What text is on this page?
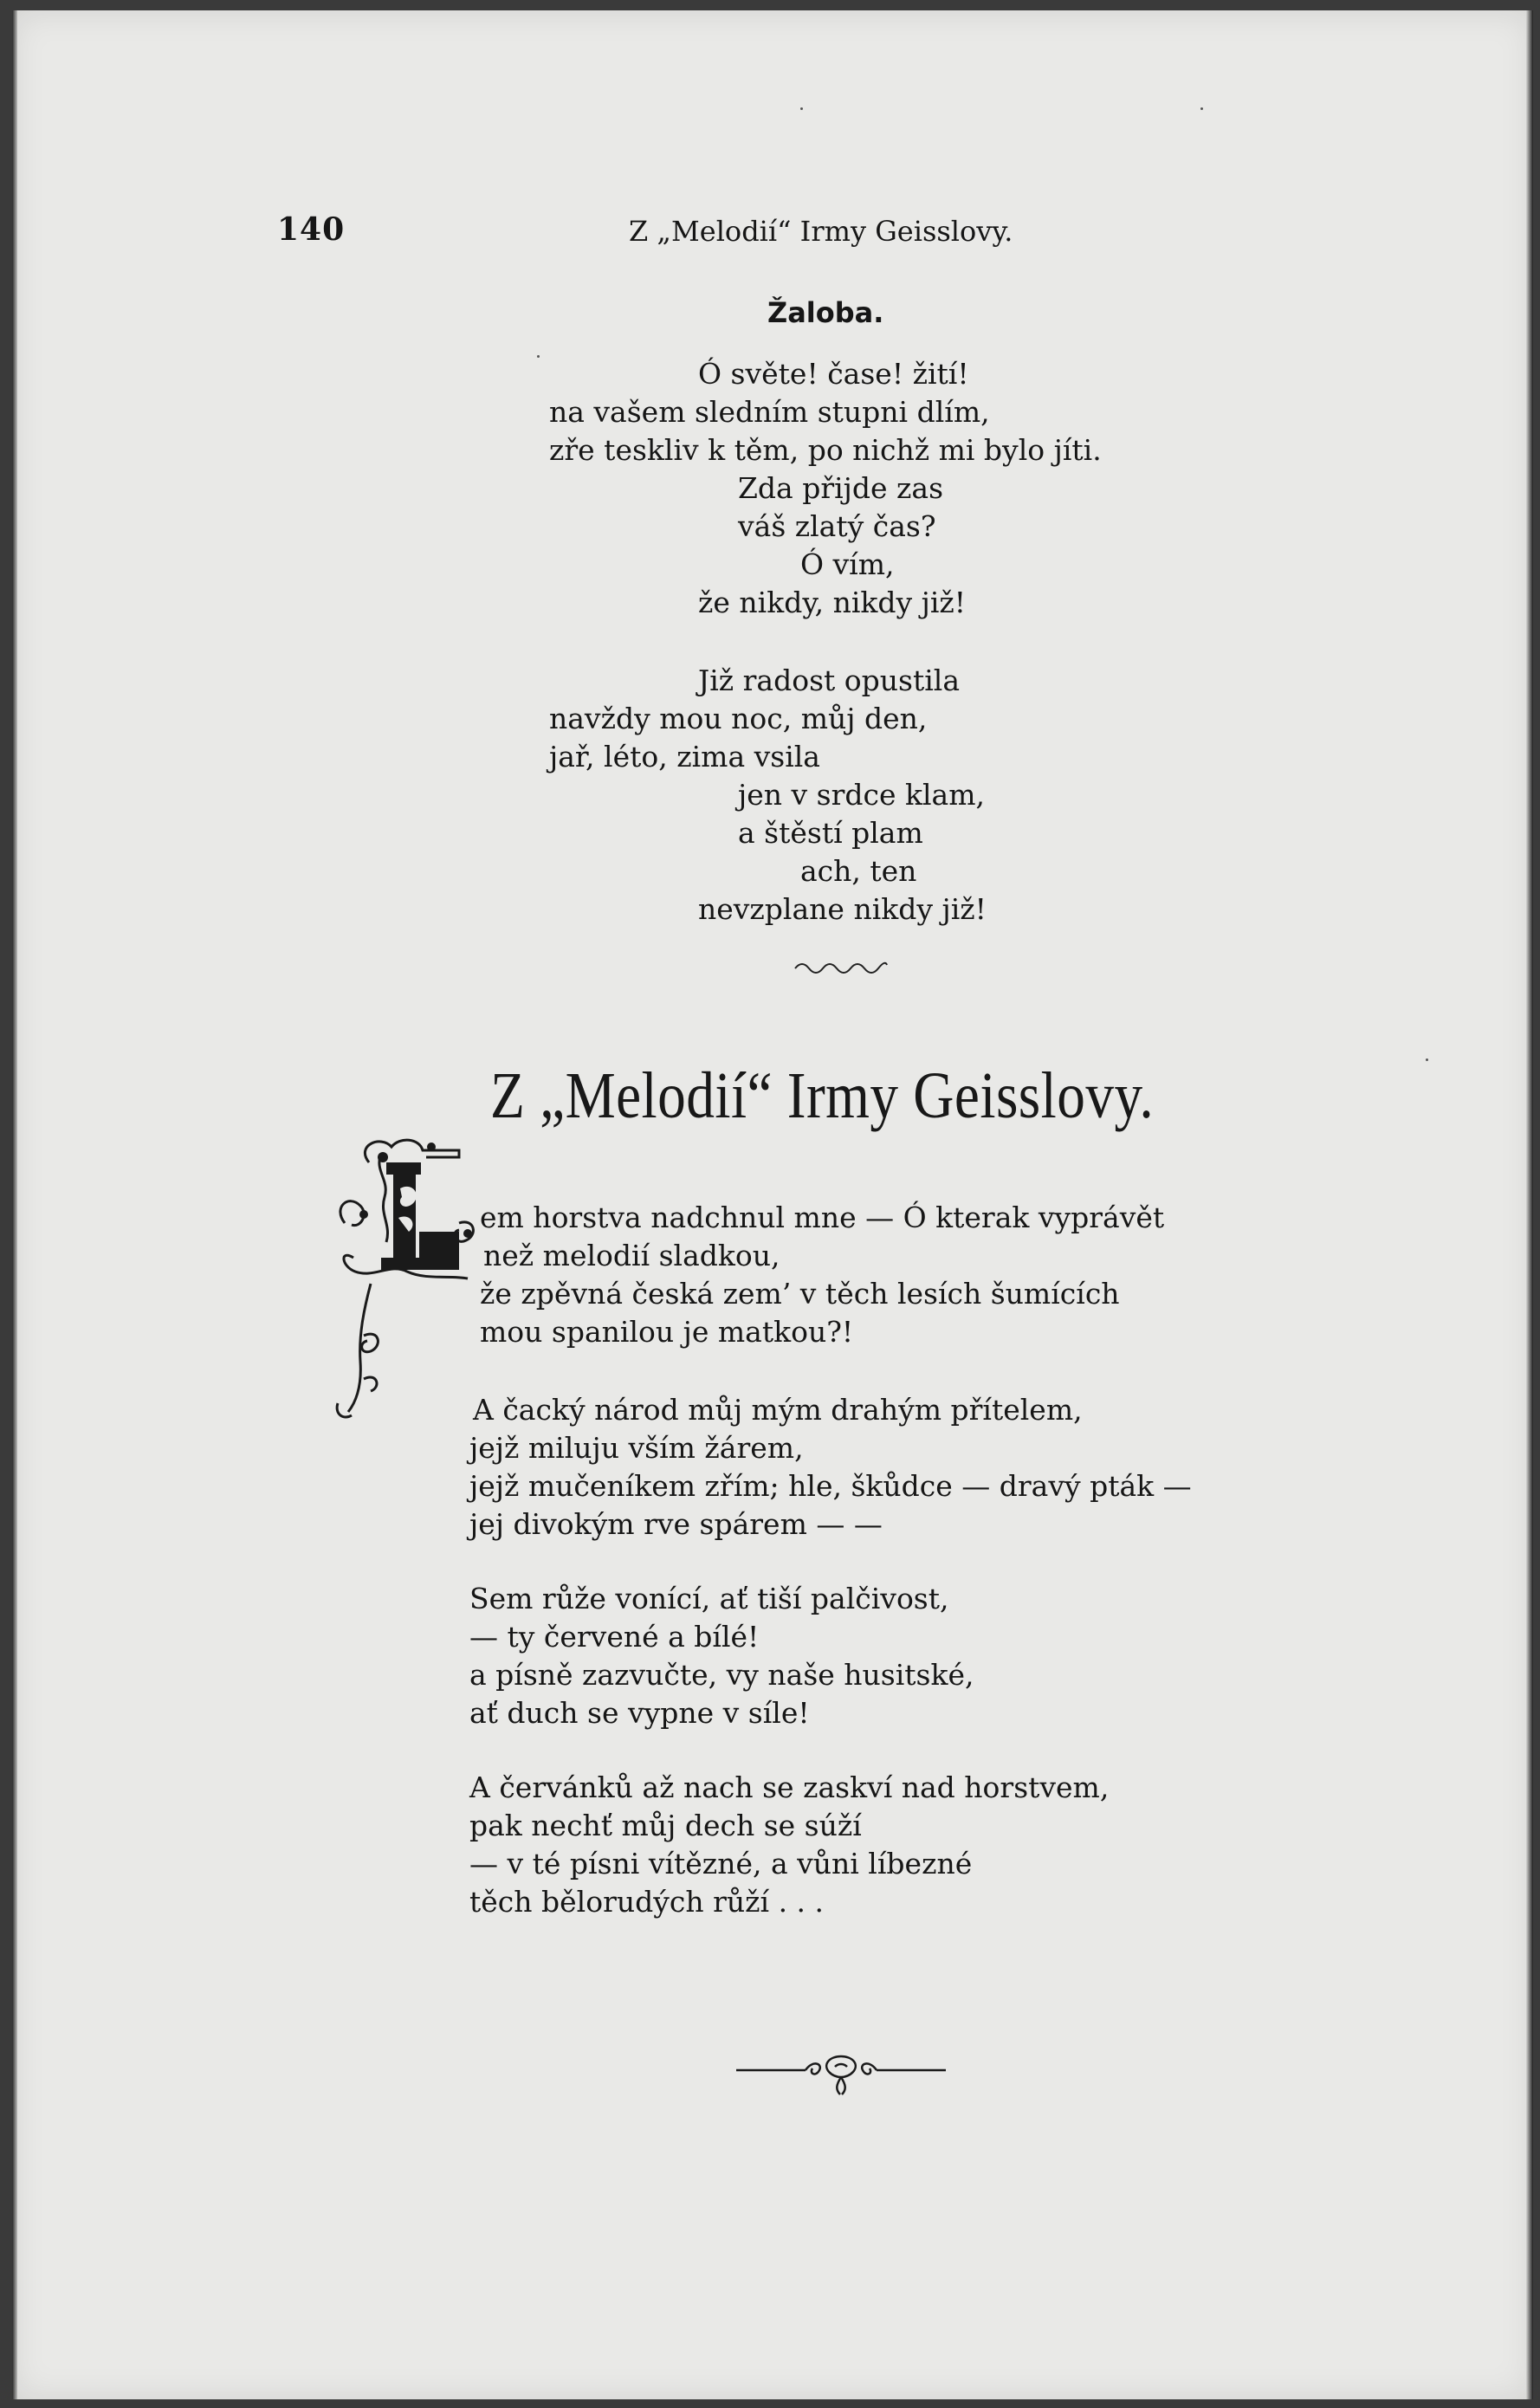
140	Z „Melodií“ Irmy Geisslovy.
Žaloba.

Ó světe! čase! žití!

na vašem sledním stupni dlím,

zře teskliv k těm, po nichž mi bylo jíti.

Zda přijde zas

váš zlatý čas?

Ó vím,

že nikdy, nikdy již!

Již radost opustila

navždy mou noc, můj den,

jař, léto, zima vsila

jen v srdce klam,

a štěstí plam

ach, ten

nevzplane nikdy již!

Z „Melodií“ Irmy Geisslovy.

em horstva nadchnul mne — Ó kterak vyprávět

než melodií sladkou,

že zpěvná česká zem’ v těch lesích šumících

mou spanilou je matkou?!

A čacký národ můj mým drahým přítelem,

jejž miluju vším žárem,

jejž mučeníkem zřím; hle, škůdce — dravý pták —

jej divokým rve spárem — —

Sem růže vonící, ať tiší palčivost,

— ty červené a bílé!

a písně zazvučte, vy naše husitské,

ať duch se vypne v síle!

A červánků až nach se zaskví nad horstvem,

pak nechť můj dech se súží

— v té písni vítězné, a vůni líbezné

těch bělorudých růží . . .
